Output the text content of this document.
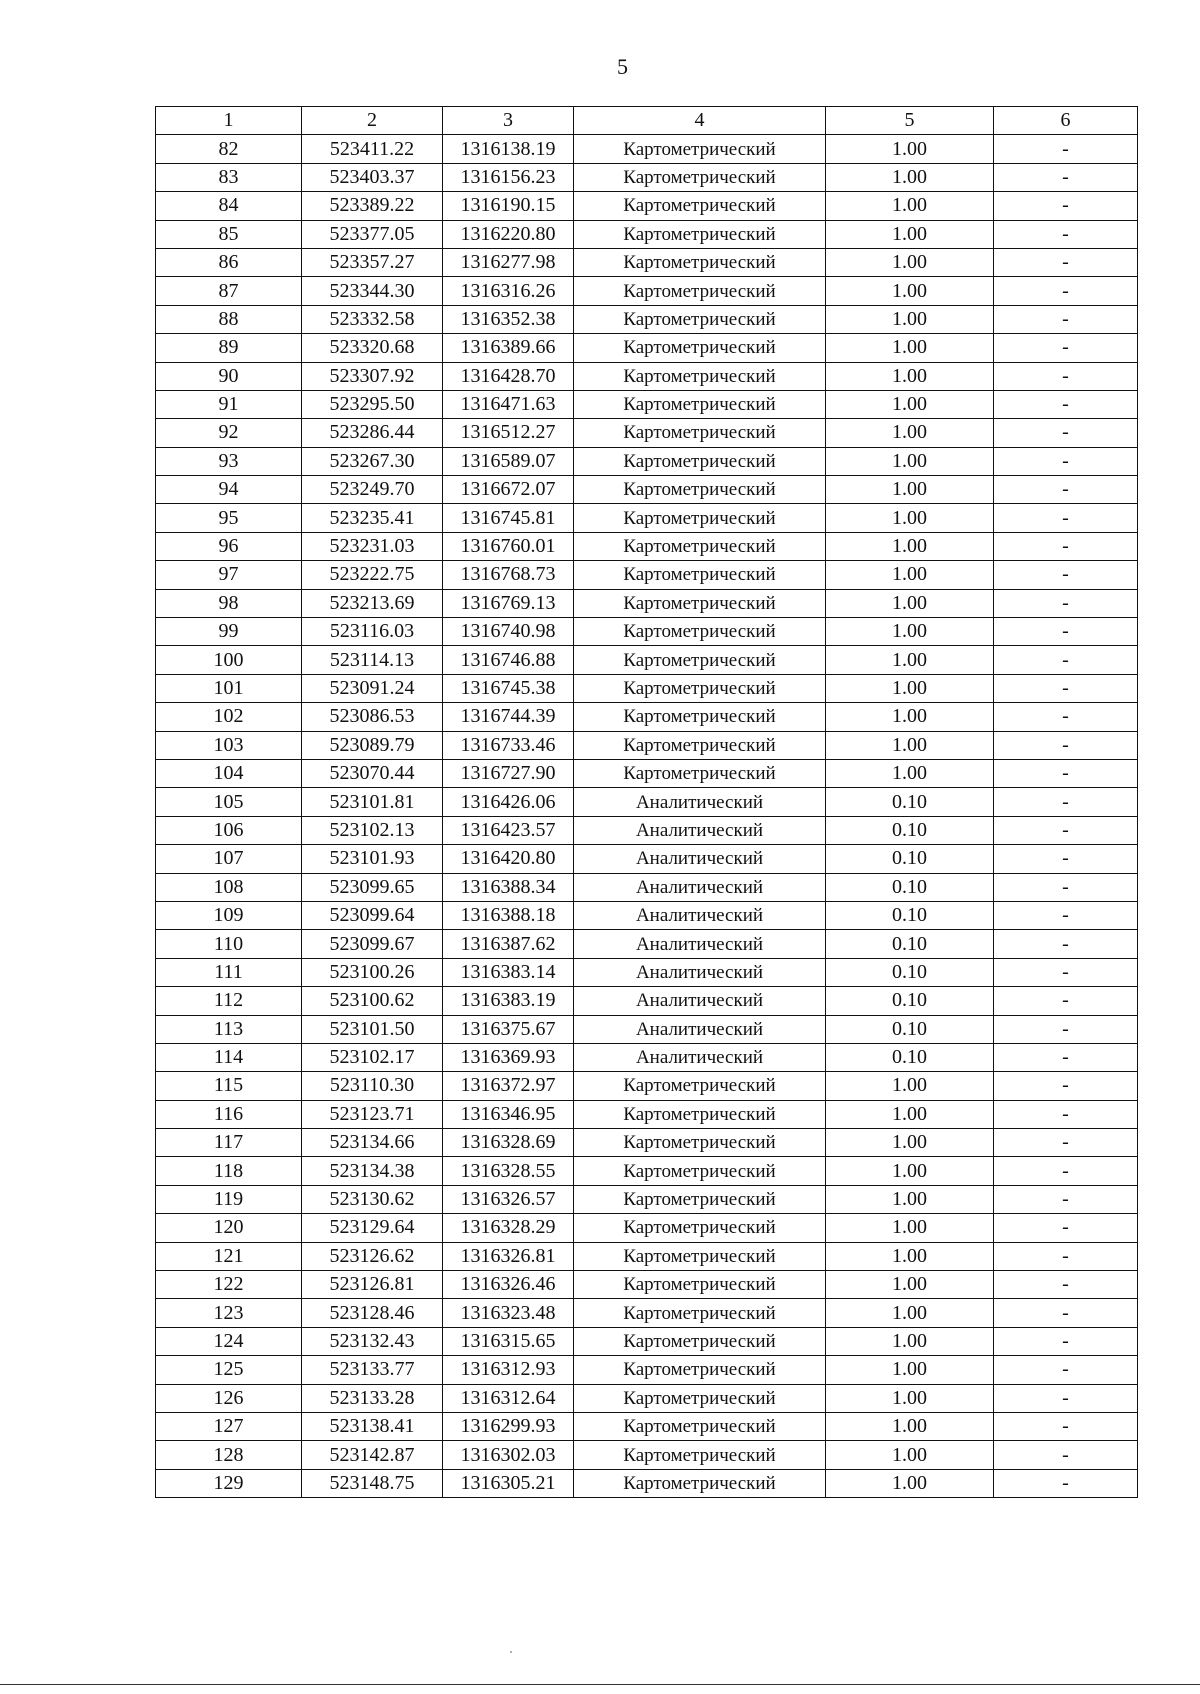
5
1	2	3	4	5	6
82	523411.22	1316138.19	Картометрический	1.00	-
83	523403.37	1316156.23	Картометрический	1.00	-
84	523389.22	1316190.15	Картометрический	1.00	-
85	523377.05	1316220.80	Картометрический	1.00	-
86	523357.27	1316277.98	Картометрический	1.00	-
87	523344.30	1316316.26	Картометрический	1.00	-
88	523332.58	1316352.38	Картометрический	1.00	-
89	523320.68	1316389.66	Картометрический	1.00	-
90	523307.92	1316428.70	Картометрический	1.00	-
91	523295.50	1316471.63	Картометрический	1.00	-
92	523286.44	1316512.27	Картометрический	1.00	-
93	523267.30	1316589.07	Картометрический	1.00	-
94	523249.70	1316672.07	Картометрический	1.00	-
95	523235.41	1316745.81	Картометрический	1.00	-
96	523231.03	1316760.01	Картометрический	1.00	-
97	523222.75	1316768.73	Картометрический	1.00	-
98	523213.69	1316769.13	Картометрический	1.00	-
99	523116.03	1316740.98	Картометрический	1.00	-
100	523114.13	1316746.88	Картометрический	1.00	-
101	523091.24	1316745.38	Картометрический	1.00	-
102	523086.53	1316744.39	Картометрический	1.00	-
103	523089.79	1316733.46	Картометрический	1.00	-
104	523070.44	1316727.90	Картометрический	1.00	-
105	523101.81	1316426.06	Аналитический	0.10	-
106	523102.13	1316423.57	Аналитический	0.10	-
107	523101.93	1316420.80	Аналитический	0.10	-
108	523099.65	1316388.34	Аналитический	0.10	-
109	523099.64	1316388.18	Аналитический	0.10	-
110	523099.67	1316387.62	Аналитический	0.10	-
111	523100.26	1316383.14	Аналитический	0.10	-
112	523100.62	1316383.19	Аналитический	0.10	-
113	523101.50	1316375.67	Аналитический	0.10	-
114	523102.17	1316369.93	Аналитический	0.10	-
115	523110.30	1316372.97	Картометрический	1.00	-
116	523123.71	1316346.95	Картометрический	1.00	-
117	523134.66	1316328.69	Картометрический	1.00	-
118	523134.38	1316328.55	Картометрический	1.00	-
119	523130.62	1316326.57	Картометрический	1.00	-
120	523129.64	1316328.29	Картометрический	1.00	-
121	523126.62	1316326.81	Картометрический	1.00	-
122	523126.81	1316326.46	Картометрический	1.00	-
123	523128.46	1316323.48	Картометрический	1.00	-
124	523132.43	1316315.65	Картометрический	1.00	-
125	523133.77	1316312.93	Картометрический	1.00	-
126	523133.28	1316312.64	Картометрический	1.00	-
127	523138.41	1316299.93	Картометрический	1.00	-
128	523142.87	1316302.03	Картометрический	1.00	-
129	523148.75	1316305.21	Картометрический	1.00	-
